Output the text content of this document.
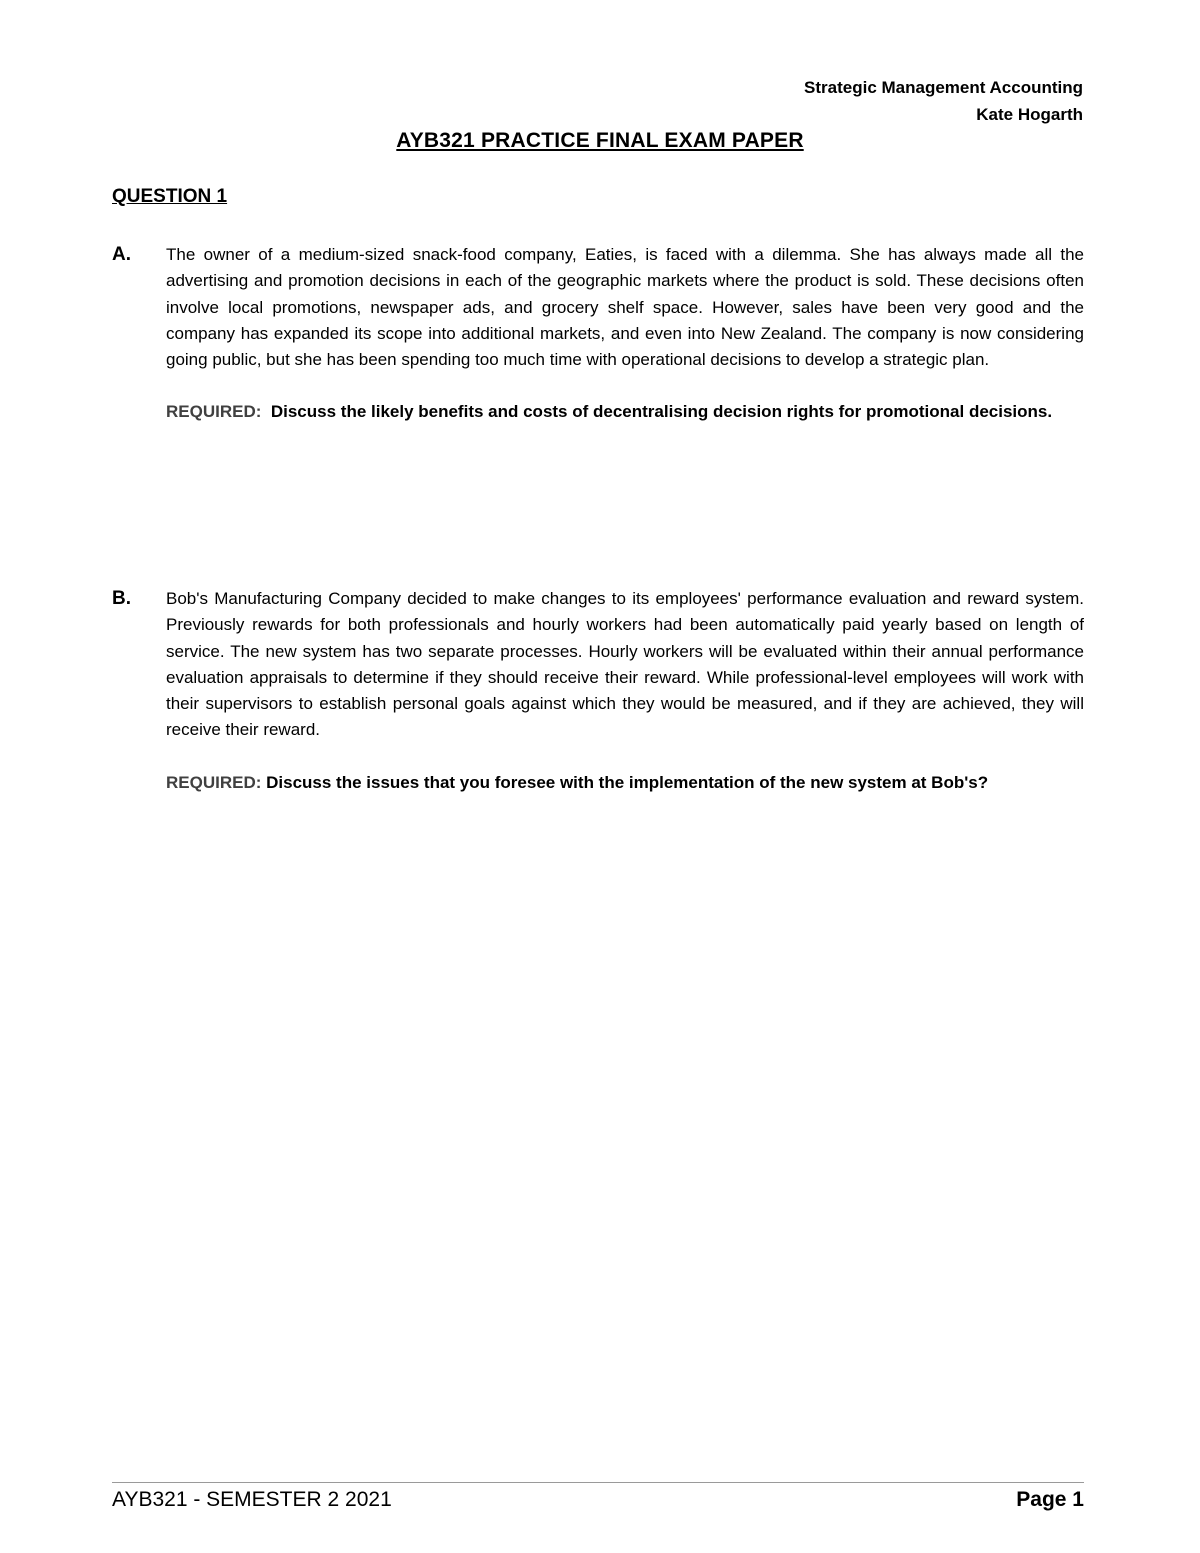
Strategic Management Accounting
Kate Hogarth
AYB321 PRACTICE FINAL EXAM PAPER
QUESTION 1
A. The owner of a medium-sized snack-food company, Eaties, is faced with a dilemma. She has always made all the advertising and promotion decisions in each of the geographic markets where the product is sold. These decisions often involve local promotions, newspaper ads, and grocery shelf space. However, sales have been very good and the company has expanded its scope into additional markets, and even into New Zealand. The company is now considering going public, but she has been spending too much time with operational decisions to develop a strategic plan.
REQUIRED:  Discuss the likely benefits and costs of decentralising decision rights for promotional decisions.
B. Bob's Manufacturing Company decided to make changes to its employees' performance evaluation and reward system. Previously rewards for both professionals and hourly workers had been automatically paid yearly based on length of service. The new system has two separate processes. Hourly workers will be evaluated within their annual performance evaluation appraisals to determine if they should receive their reward. While professional-level employees will work with their supervisors to establish personal goals against which they would be measured, and if they are achieved, they will receive their reward.
REQUIRED: Discuss the issues that you foresee with the implementation of the new system at Bob's?
AYB321 - SEMESTER 2 2021	Page 1
